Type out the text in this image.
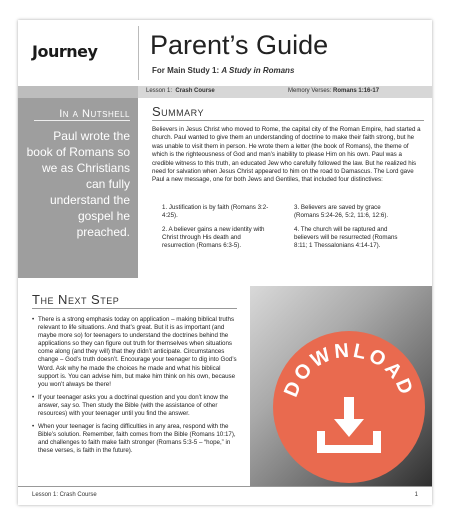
Journey Parent’s Guide
For Main Study 1: A Study in Romans
Lesson 1: Crash Course	Memory Verses: Romans 1:16-17
In a Nutshell
Paul wrote the book of Romans so we as Christians can fully understand the gospel he preached.
Summary

Believers in Jesus Christ who moved to Rome, the capital city of the Roman Empire, had started a church. Paul wanted to give them an understanding of doctrine to make their faith strong, but he was unable to visit them in person. He wrote them a letter (the book of Romans), the theme of which is the righteousness of God and man’s inability to please Him on his own. Paul was a credible witness to this truth, an educated Jew who carefully followed the law. But he realized his need for salvation when Jesus Christ appeared to him on the road to Damascus. The Lord gave Paul a new message, one for both Jews and Gentiles, that included four distinctives:

1. Justification is by faith (Romans 3:2-4:25).
3. Believers are saved by grace (Romans 5:24-26, 5:2, 11:6, 12:6).
2. A believer gains a new identity with Christ through His death and resurrection (Romans 6:3-5).
4. The church will be raptured and believers will be resurrected (Romans 8:11; 1 Thessalonians 4:14-17).
The Next Step
• There is a strong emphasis today on application – making biblical truths relevant to life situations. And that’s great. But it is as important (and maybe more so) for teenagers to understand the doctrines behind the applications so they can figure out truth for themselves when situations come along (and they will) that they didn’t anticipate. Circumstances change – God’s truth doesn’t. Encourage your teenager to dig into God’s Word. Ask why he made the choices he made and what his biblical support is. You can advise him, but make him think on his own, because you won’t always be there!
• If your teenager asks you a doctrinal question and you don’t know the answer, say so. Then study the Bible (with the assistance of other resources) with your teenager until you find the answer.
• When your teenager is facing difficulties in any area, respond with the Bible’s solution. Remember, faith comes from the Bible (Romans 10:17), and challenges to faith make faith stronger (Romans 5:3-5 – “hope,” in these verses, is faith in the future).
Lesson 1: Crash Course	1
DOWNLOAD
